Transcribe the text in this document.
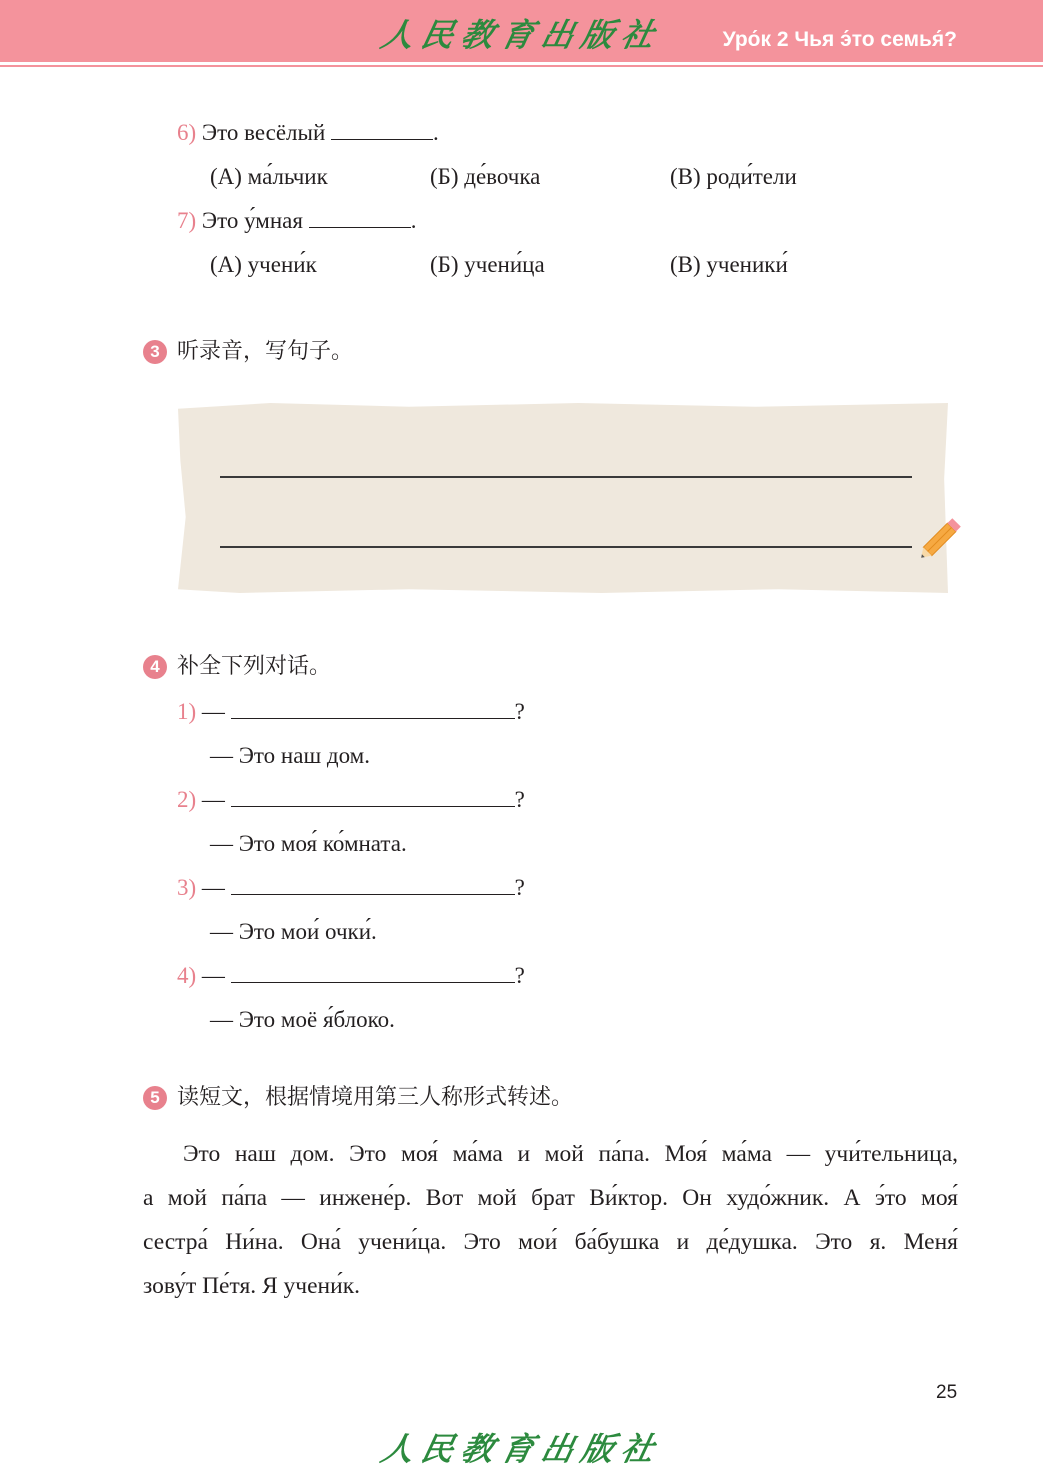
人民教育出版社	Уро́к 2 Чья э́то семья́?
6) Это весёлый	.
(А) ма́льчик	(Б) де́вочка	(В) роди́тели
7) Это у́мная	.
(А) учени́к	(Б) учени́ца	(В) ученики́
3 听录音，写句子。
4 补全下列对话。
1) —	?
— Это наш дом.
2) —	?
— Это моя́ ко́мната.
3) —	?
— Это мои́ очки́.
4) —	?
— Это моё я́блоко.
5 读短文，根据情境用第三人称形式转述。
Это наш дом. Это моя́ ма́ма и мой па́па. Моя́ ма́ма — учи́тельница,
а мой па́па — инжене́р. Вот мой брат Ви́ктор. Он худо́жник. А э́то моя́
сестра́ Ни́на. Она́ учени́ца. Это мои́ ба́бушка и де́душка. Это я. Меня́
зову́т Пе́тя. Я учени́к.
25
人民教育出版社
